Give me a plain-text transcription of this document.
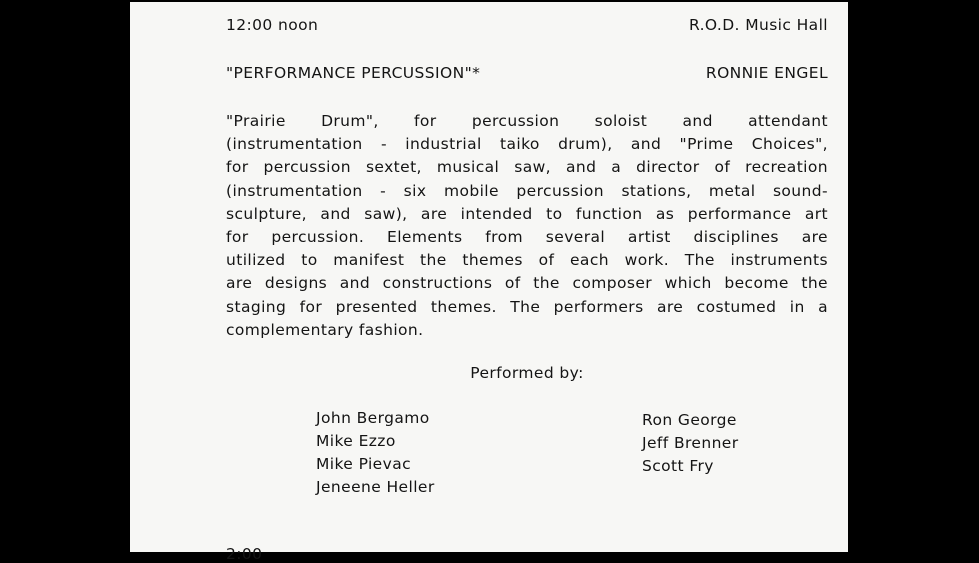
12:00 noon	R.O.D. Music Hall
"PERFORMANCE PERCUSSION"*	RONNIE ENGEL
"Prairie Drum", for percussion soloist and attendant
(instrumentation - industrial taiko drum), and "Prime Choices",
for percussion sextet, musical saw, and a director of recreation
(instrumentation - six mobile percussion stations, metal sound-
sculpture, and saw), are intended to function as performance art
for percussion. Elements from several artist disciplines are
utilized to manifest the themes of each work. The instruments
are designs and constructions of the composer which become the
staging for presented themes. The performers are costumed in a
complementary fashion.
Performed by:
John Bergamo
Mike Ezzo
Mike Pievac
Jeneene Heller
Ron George
Jeff Brenner
Scott Fry
2:00
